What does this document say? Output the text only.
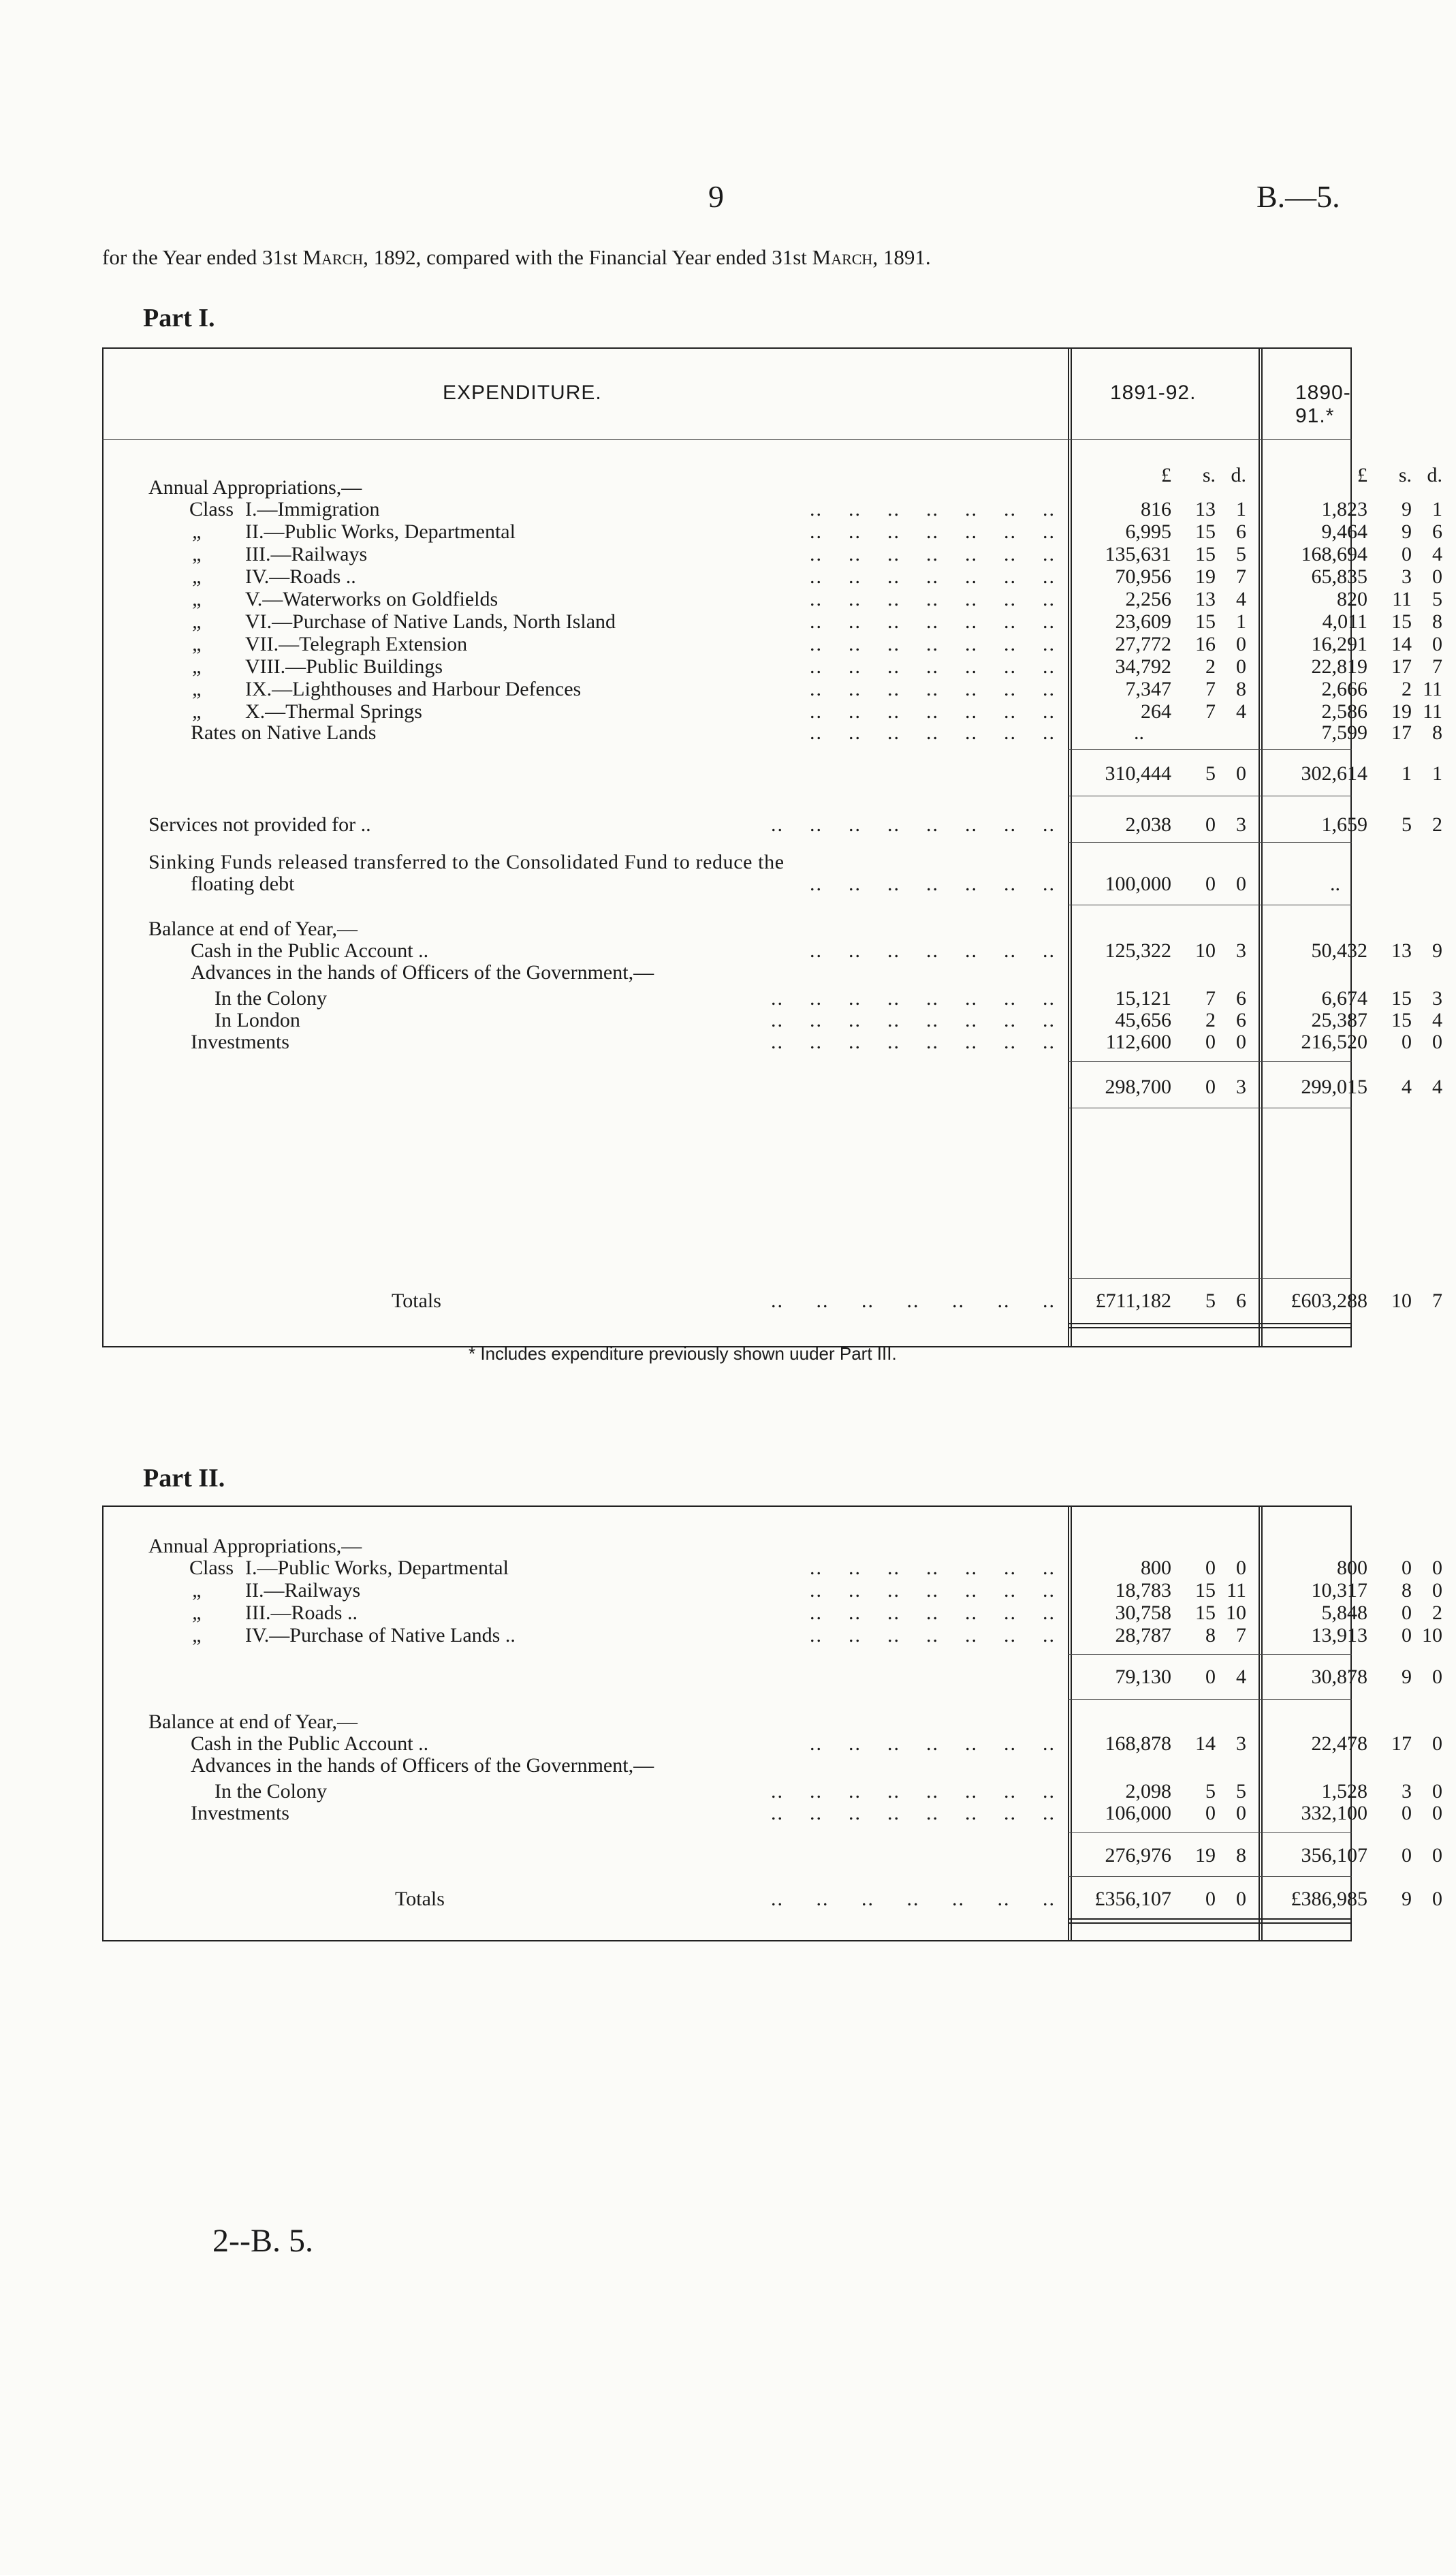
9	B.—5.
for the Year ended 31st March, 1892, compared with the Financial Year ended 31st March, 1891.
Part I.
EXPENDITURE.	1891-92.	1890-91.*
£	s. d.	£	s. d.
Annual Appropriations,—
Class I.—Immigration	..    ..    ..    ..    ..    ..    ..	816	13	1	1,823	9	1
„ II.—Public Works, Departmental	..    ..    ..    ..    ..    ..    ..	6,995	15	6	9,464	9	6
„ III.—Railways	..    ..    ..    ..    ..    ..    .. 135,631	15	5	168,694	0	4
„ IV.—Roads ..	..    ..    ..    ..    ..    ..    ..	70,956	19	7	65,835	3	0
„ V.—Waterworks on Goldfields	..    ..    ..    ..    ..    ..    ..	2,256	13	4	820	11	5
„ VI.—Purchase of Native Lands, North Island	..    ..    ..    ..    ..    ..    ..	23,609	15	1	4,011	15	8
„ VII.—Telegraph Extension	..    ..    ..    ..    ..    ..    ..	27,772	16	0	16,291	14	0
„ VIII.—Public Buildings	..    ..    ..    ..    ..    ..    ..	34,792	2	0	22,819	17	7
„ IX.—Lighthouses and Harbour Defences	..    ..    ..    ..    ..    ..    ..	7,347	7	8	2,666	2 11
„ X.—Thermal Springs	..    ..    ..    ..    ..    ..    ..	264	7	4	2,586	19 11
Rates on Native Lands	..    ..    ..    ..    ..    ..    ..	..	7,599	17	8
310,444	5	0	302,614	1	1
Services not provided for ..	..    ..    ..    ..    ..    ..    ..    ..	2,038	0	3	1,659	5	2
Sinking Funds released transferred to the Consolidated Fund to reduce the
floating debt	..    ..    ..    ..    ..    ..    .. 100,000	0	0	..
Balance at end of Year,—
Cash in the Public Account ..	..    ..    ..    ..    ..    ..    .. 125,322	10	3	50,432	13	9
Advances in the hands of Officers of the Government,—
In the Colony	..    ..    ..    ..    ..    ..    ..    ..	15,121	7	6	6,674	15	3
In London	..    ..    ..    ..    ..    ..    ..    ..	45,656	2	6	25,387	15	4
Investments	..    ..    ..    ..    ..    ..    ..    .. 112,600	0	0	216,520	0	0
298,700	0	3	299,015	4	4
Totals	..     ..     ..     ..     ..     ..     .. £711,182	5	6 £603,288	10	7
* Includes expenditure previously shown uuder Part III.
Part II.
Annual Appropriations,—
Class I.—Public Works, Departmental	..    ..    ..    ..    ..    ..    ..	800	0	0	800	0	0
„ II.—Railways	..    ..    ..    ..    ..    ..    ..	18,783	15 11	10,317	8	0
„ III.—Roads ..	..    ..    ..    ..    ..    ..    ..	30,758	15 10	5,848	0	2
„ IV.—Purchase of Native Lands ..	..    ..    ..    ..    ..    ..    ..	28,787	8	7	13,913	0 10
79,130	0	4	30,878	9	0
Balance at end of Year,—
Cash in the Public Account ..	..    ..    ..    ..    ..    ..    .. 168,878	14	3	22,478	17	0
Advances in the hands of Officers of the Government,—
In the Colony	..    ..    ..    ..    ..    ..    ..    ..	2,098	5	5	1,528	3	0
Investments	..    ..    ..    ..    ..    ..    ..    .. 106,000	0	0	332,100	0	0
276,976	19	8	356,107	0	0
Totals	..     ..     ..     ..     ..     ..     .. £356,107	0	0 £386,985	9	0
2--B. 5.
